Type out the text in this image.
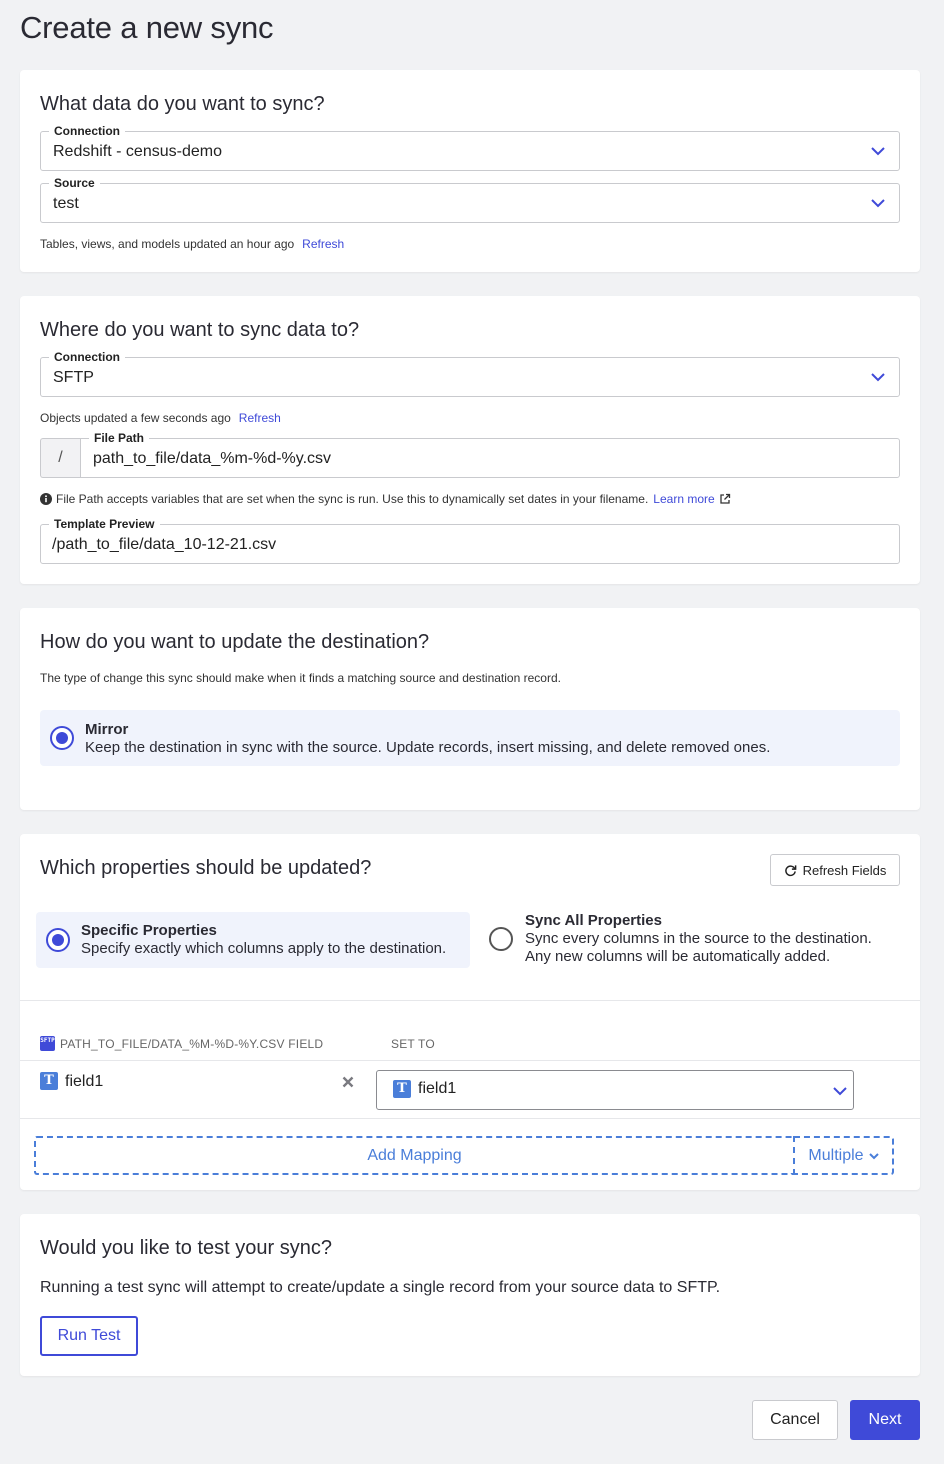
Create a new sync
What data do you want to sync?
Connection
Redshift - census-demo
Source
test
Tables, views, and models updated an hour ago Refresh
Where do you want to sync data to?
Connection
SFTP
Objects updated a few seconds ago Refresh
/
File Path
path_to_file/data_%m-%d-%y.csv
File Path accepts variables that are set when the sync is run. Use this to dynamically set dates in your filename. Learn more
Template Preview
/path_to_file/data_10-12-21.csv
How do you want to update the destination?
The type of change this sync should make when it finds a matching source and destination record.
Mirror
Keep the destination in sync with the source. Update records, insert missing, and delete removed ones.
Which properties should be updated?	Refresh Fields
Specific Properties
Specify exactly which columns apply to the destination.
Sync All Properties
Sync every columns in the source to the destination.
Any new columns will be automatically added.
SFTP PATH_TO_FILE/DATA_%M-%D-%Y.CSV FIELD	SET TO
T field1	T field1
Add Mapping	Multiple
Would you like to test your sync?
Running a test sync will attempt to create/update a single record from your source data to SFTP.
Run Test
Cancel	Next
